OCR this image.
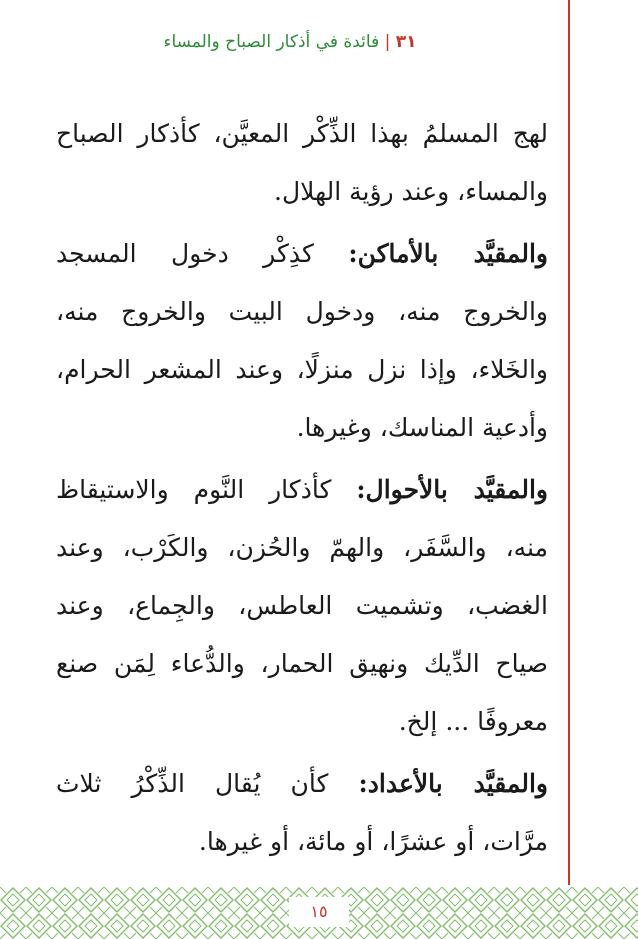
٣١ | فائدة في أذكار الصباح والمساء
لهج المسلمُ بهذا الذِّكْر المعيَّن، كأذكار الصباح
والمساء، وعند رؤية الهلال.
والمقيَّد بالأماكن: كذِكْر دخول المسجد
والخروج منه، ودخول البيت والخروج منه،
والخَلاء، وإذا نزل منزلًا، وعند المشعر الحرام،
وأدعية المناسك، وغيرها.
والمقيَّد بالأحوال: كأذكار النَّوم والاستيقاظ
منه، والسَّفَر، والهمّ والحُزن، والكَرْب، وعند
الغضب، وتشميت العاطس، والجِماع، وعند
صياح الدِّيك ونهيق الحمار، والدُّعاء لِمَن صنع
معروفًا ... إلخ.
والمقيَّد بالأعداد: كأن يُقال الذِّكْرُ ثلاث
مرَّات، أو عشرًا، أو مائة، أو غيرها.
١٥
